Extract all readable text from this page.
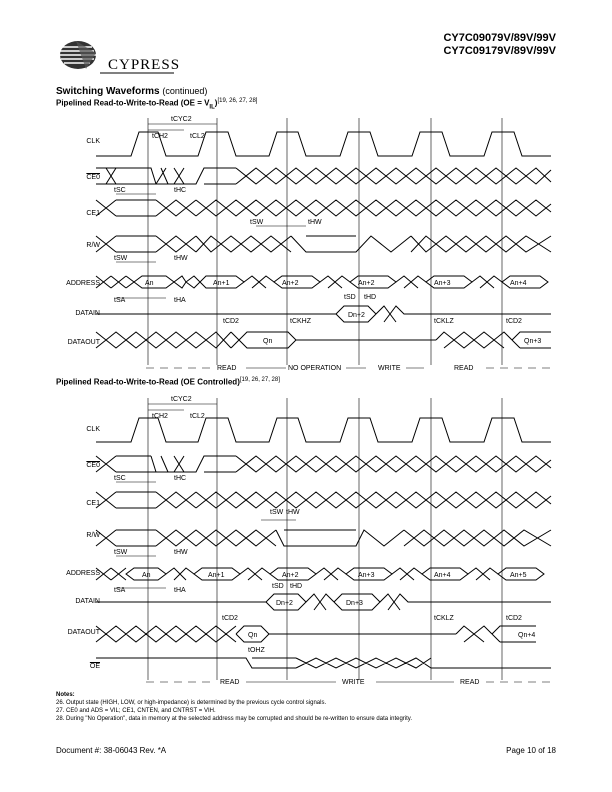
CYPRESS
CY7C09079V/89V/99V
CY7C09179V/89V/99V
Switching Waveforms (continued)
Pipelined Read-to-Write-to-Read $(OE = V_{IL})[19, 26, 27, 28]$
An	An+1	An+2	An+2	An+3	An+4
Dn+2
Qn	Qn+3
tCYC2
tCH2	tCL2
tSC	tHC
tSW	tHW
tSW	tHW
tSA	tHA	tSD tHD
tCD2	tCKHZ	tCKLZ	tCD2
READ	NO OPERATION	WRITE	READ
CLK
CE0
CE1
R/W
ADDRESS
DATAIN
DATAOUT
Pipelined Read-to-Write-to-Read (OE Controlled)[19, 26, 27, 28]
An	An+1	An+2	An+3	An+4	An+5
Dn+2	Dn+3
Qn	Qn+4
tCYC2
tCH2	tCL2
tSC	tHC
tSW tHW
tSW	tHW
tSA	tHA
tSD tHD
tCD2
tOHZ
tCKLZ	tCD2
READ	WRITE	READ
CLK
CE0
CE1
R/W
ADDRESS
DATAIN
DATAOUT
$\overline{OE}$
Notes:
26. Output state (HIGH, LOW, or high-impedance) is determined by the previous cycle control signals.
27. CE0 and ADS = VIL; CE1, CNTEN, and CNTRST = VIH.
28. During "No Operation", data in memory at the selected address may be corrupted and should be re-written to ensure data integrity.
Document #: 38-06043 Rev. *A	Page 10 of 18
